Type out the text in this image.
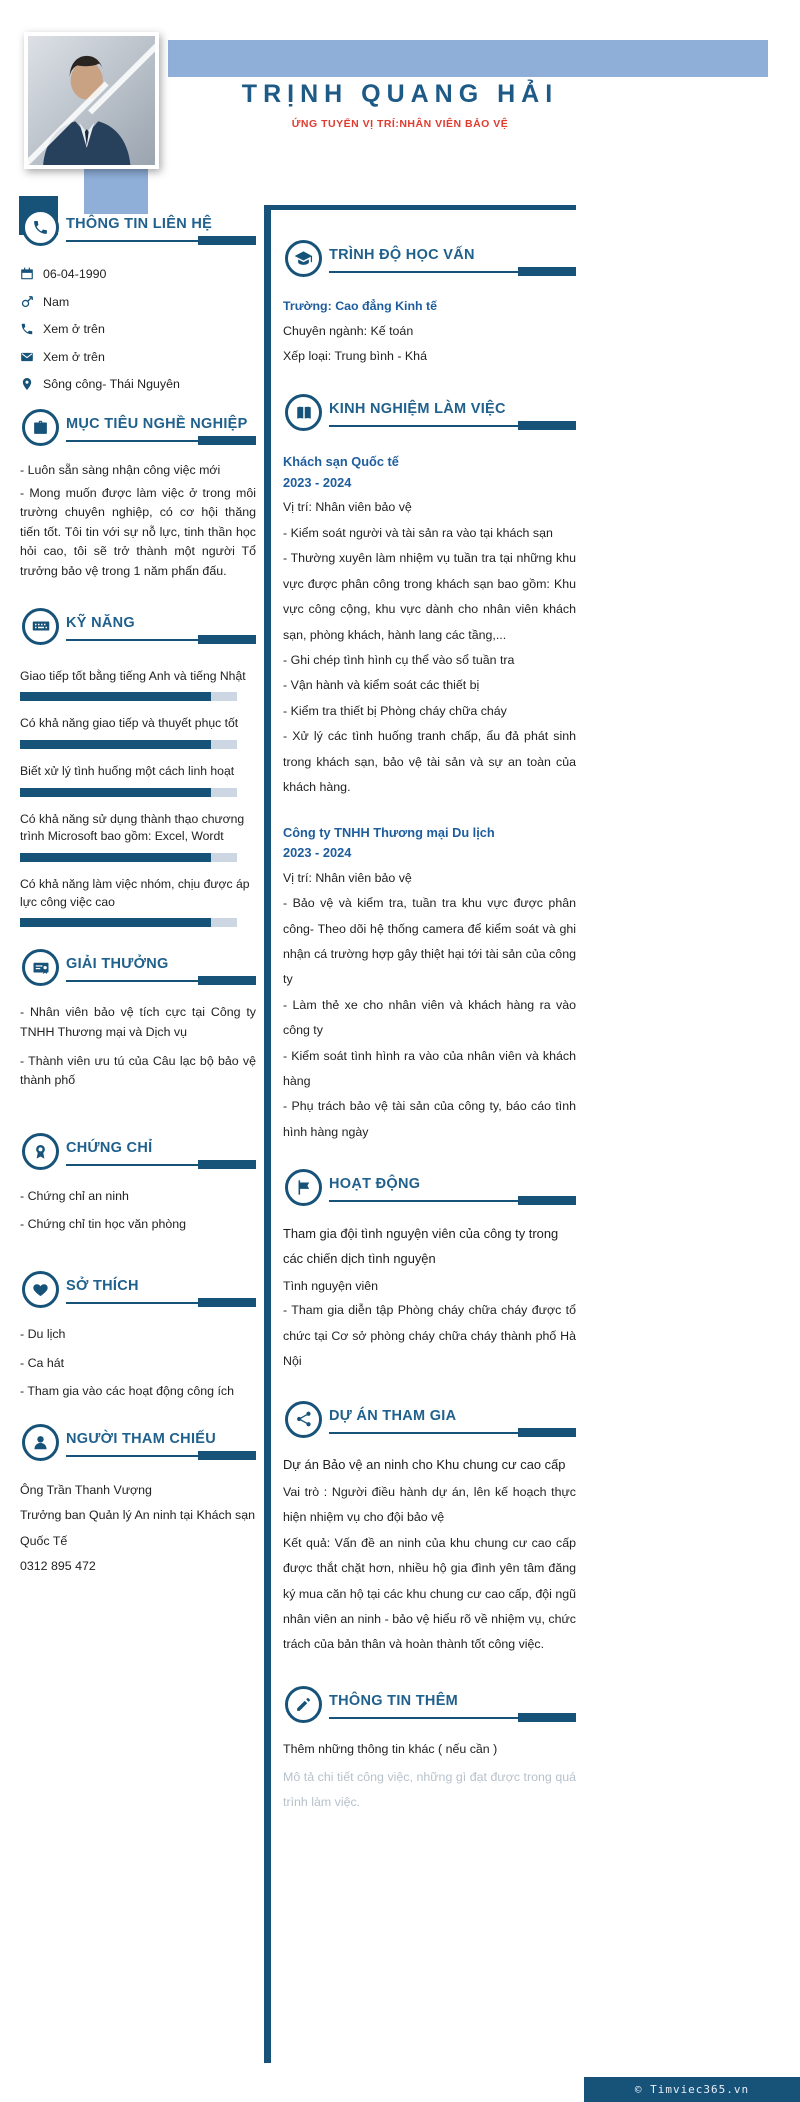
TRỊNH QUANG HẢI
ỨNG TUYỂN VỊ TRÍ:NHÂN VIÊN BẢO VỆ
THÔNG TIN LIÊN HỆ
06-04-1990
Nam
Xem ở trên
Xem ở trên
Sông công- Thái Nguyên
MỤC TIÊU NGHỀ NGHIỆP

- Luôn sẵn sàng nhận công việc mới

- Mong muốn được làm việc ở trong môi trường chuyên nghiệp, có cơ hội thăng tiến tốt. Tôi tin với sự nỗ lực, tinh thần học hỏi cao, tôi sẽ trở thành một người Tổ trưởng bảo vệ trong 1 năm phấn đấu.

KỸ NĂNG
Giao tiếp tốt bằng tiếng Anh và tiếng Nhật
Có khả năng giao tiếp và thuyết phục tốt
Biết xử lý tình huống một cách linh hoạt
Có khả năng sử dụng thành thạo chương trình Microsoft bao gồm: Excel, Wordt
Có khả năng làm việc nhóm, chịu được áp lực công việc cao
GIẢI THƯỞNG

- Nhân viên bảo vệ tích cực tại Công ty TNHH Thương mại và Dịch vụ

- Thành viên ưu tú của Câu lạc bộ bảo vệ thành phố

CHỨNG CHỈ

- Chứng chỉ an ninh

- Chứng chỉ tin học văn phòng

SỞ THÍCH

- Du lịch

- Ca hát

- Tham gia vào các hoạt động công ích

NGƯỜI THAM CHIẾU

Ông Trần Thanh Vượng

Trưởng ban Quản lý An ninh tại Khách sạn Quốc Tế

0312 895 472

TRÌNH ĐỘ HỌC VẤN

Trường: Cao đẳng Kinh tế

Chuyên ngành: Kế toán

Xếp loại: Trung bình - Khá

KINH NGHIỆM LÀM VIỆC
Khách sạn Quốc tế
2023 - 2024

Vị trí: Nhân viên bảo vệ

- Kiểm soát người và tài sản ra vào tại khách sạn

- Thường xuyên làm nhiệm vụ tuần tra tại những khu vực được phân công trong khách sạn bao gồm: Khu vực công cộng, khu vực dành cho nhân viên khách sạn, phòng khách, hành lang các tầng,...

- Ghi chép tình hình cụ thể vào sổ tuần tra

- Vận hành và kiểm soát các thiết bị

- Kiểm tra thiết bị Phòng cháy chữa cháy

- Xử lý các tình huống tranh chấp, ẩu đả phát sinh trong khách sạn, bảo vệ tài sản và sự an toàn của khách hàng.

Công ty TNHH Thương mại Du lịch
2023 - 2024

Vị trí: Nhân viên bảo vệ

- Bảo vệ và kiểm tra, tuần tra khu vực được phân công- Theo dõi hệ thống camera để kiểm soát và ghi nhận cá trường hợp gây thiệt hại tới tài sản của công ty

- Làm thẻ xe cho nhân viên và khách hàng ra vào công ty

- Kiểm soát tình hình ra vào của nhân viên và khách hàng

- Phụ trách bảo vệ tài sản của công ty, báo cáo tình hình hàng ngày

HOẠT ĐỘNG

Tham gia đội tình nguyện viên của công ty trong các chiến dịch tình nguyện

Tình nguyện viên

- Tham gia diễn tập Phòng cháy chữa cháy được tổ chức tại Cơ sở phòng cháy chữa cháy thành phố Hà Nội

DỰ ÁN THAM GIA

Dự án Bảo vệ an ninh cho Khu chung cư cao cấp

Vai trò : Người điều hành dự án, lên kế hoạch thực hiện nhiệm vụ cho đội bảo vệ

Kết quả: Vấn đề an ninh của khu chung cư cao cấp được thắt chặt hơn, nhiều hộ gia đình yên tâm đăng ký mua căn hộ tại các khu chung cư cao cấp, đội ngũ nhân viên an ninh - bảo vệ hiểu rõ về nhiệm vụ, chức trách của bản thân và hoàn thành tốt công việc.

THÔNG TIN THÊM

Thêm những thông tin khác ( nếu cần )

Mô tả chi tiết công việc, những gì đạt được trong quá trình làm việc.

© Timviec365.vn
